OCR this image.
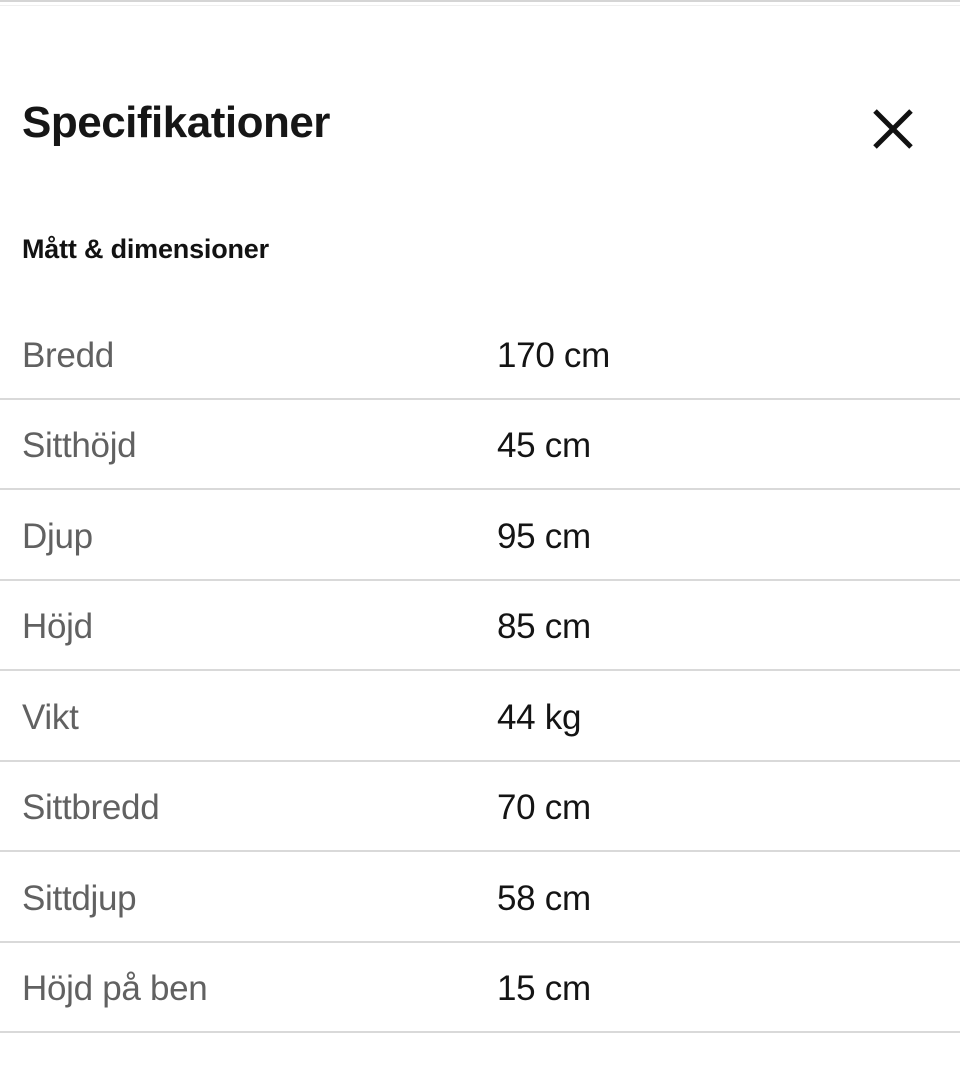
Specifikationer
Mått & dimensioner
Bredd	170 cm
Sitthöjd	45 cm
Djup	95 cm
Höjd	85 cm
Vikt	44 kg
Sittbredd	70 cm
Sittdjup	58 cm
Höjd på ben	15 cm
